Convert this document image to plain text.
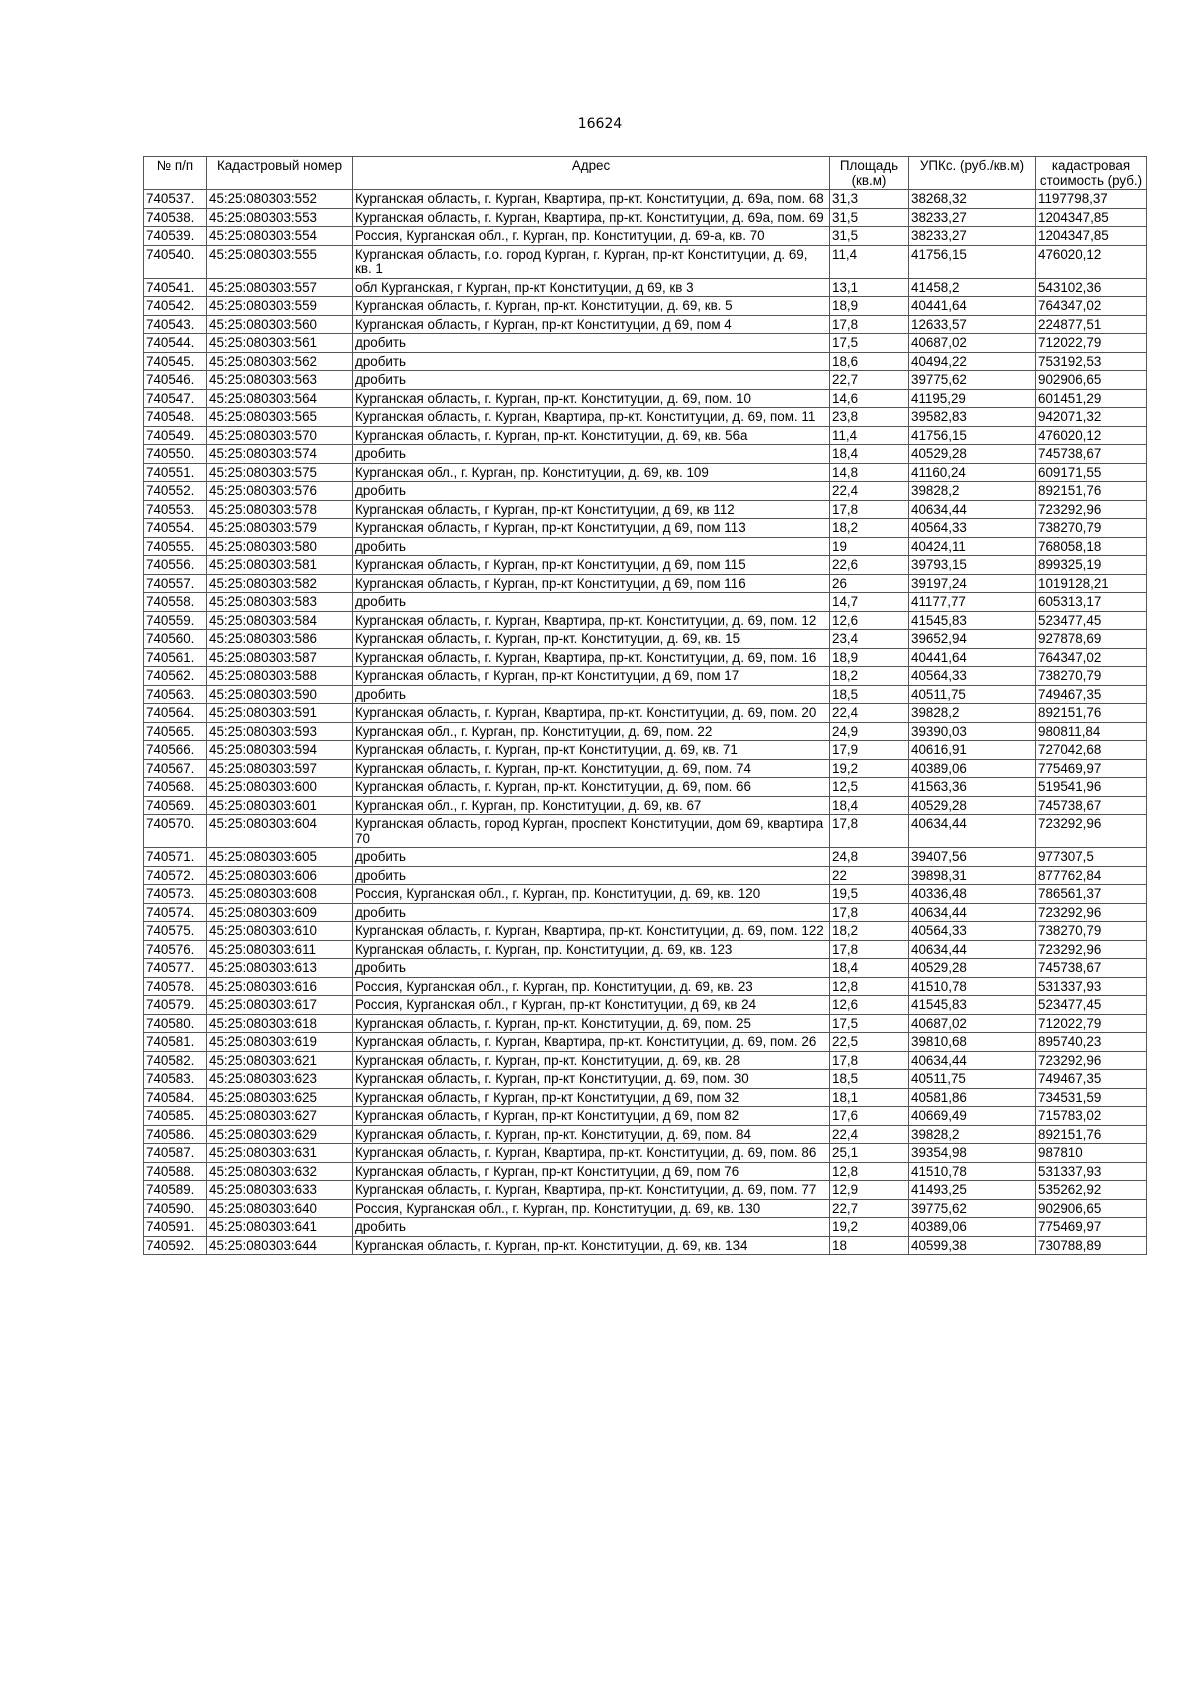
16624
№ п/п	Кадастровый номер	Адрес	Площадь (кв.м)	УПКс. (руб./кв.м)	кадастровая стоимость (руб.)
740537.	45:25:080303:552	Курганская область, г. Курган, Квартира, пр-кт. Конституции, д. 69а, пом. 68	31,3	38268,32	1197798,37
740538.	45:25:080303:553	Курганская область, г. Курган, Квартира, пр-кт. Конституции, д. 69а, пом. 69	31,5	38233,27	1204347,85
740539.	45:25:080303:554	Россия, Курганская обл., г. Курган, пр. Конституции, д. 69-а, кв. 70	31,5	38233,27	1204347,85
740540.	45:25:080303:555	Курганская область, г.о. город Курган, г. Курган, пр-кт Конституции, д. 69, кв. 1	11,4	41756,15	476020,12
740541.	45:25:080303:557	обл Курганская, г Курган, пр-кт Конституции, д 69, кв 3	13,1	41458,2	543102,36
740542.	45:25:080303:559	Курганская область, г. Курган, пр-кт. Конституции, д. 69, кв. 5	18,9	40441,64	764347,02
740543.	45:25:080303:560	Курганская область, г Курган, пр-кт Конституции, д 69, пом 4	17,8	12633,57	224877,51
740544.	45:25:080303:561	дробить	17,5	40687,02	712022,79
740545.	45:25:080303:562	дробить	18,6	40494,22	753192,53
740546.	45:25:080303:563	дробить	22,7	39775,62	902906,65
740547.	45:25:080303:564	Курганская область, г. Курган, пр-кт. Конституции, д. 69, пом. 10	14,6	41195,29	601451,29
740548.	45:25:080303:565	Курганская область, г. Курган, Квартира, пр-кт. Конституции, д. 69, пом. 11	23,8	39582,83	942071,32
740549.	45:25:080303:570	Курганская область, г. Курган, пр-кт. Конституции, д. 69, кв. 56а	11,4	41756,15	476020,12
740550.	45:25:080303:574	дробить	18,4	40529,28	745738,67
740551.	45:25:080303:575	Курганская обл., г. Курган, пр. Конституции, д. 69, кв. 109	14,8	41160,24	609171,55
740552.	45:25:080303:576	дробить	22,4	39828,2	892151,76
740553.	45:25:080303:578	Курганская область, г Курган, пр-кт Конституции, д 69, кв 112	17,8	40634,44	723292,96
740554.	45:25:080303:579	Курганская область, г Курган, пр-кт Конституции, д 69, пом 113	18,2	40564,33	738270,79
740555.	45:25:080303:580	дробить	19	40424,11	768058,18
740556.	45:25:080303:581	Курганская область, г Курган, пр-кт Конституции, д 69, пом 115	22,6	39793,15	899325,19
740557.	45:25:080303:582	Курганская область, г Курган, пр-кт Конституции, д 69, пом 116	26	39197,24	1019128,21
740558.	45:25:080303:583	дробить	14,7	41177,77	605313,17
740559.	45:25:080303:584	Курганская область, г. Курган, Квартира, пр-кт. Конституции, д. 69, пом. 12	12,6	41545,83	523477,45
740560.	45:25:080303:586	Курганская область, г. Курган, пр-кт. Конституции, д. 69, кв. 15	23,4	39652,94	927878,69
740561.	45:25:080303:587	Курганская область, г. Курган, Квартира, пр-кт. Конституции, д. 69, пом. 16	18,9	40441,64	764347,02
740562.	45:25:080303:588	Курганская область, г Курган, пр-кт Конституции, д 69, пом 17	18,2	40564,33	738270,79
740563.	45:25:080303:590	дробить	18,5	40511,75	749467,35
740564.	45:25:080303:591	Курганская область, г. Курган, Квартира, пр-кт. Конституции, д. 69, пом. 20	22,4	39828,2	892151,76
740565.	45:25:080303:593	Курганская обл., г. Курган, пр. Конституции, д. 69, пом. 22	24,9	39390,03	980811,84
740566.	45:25:080303:594	Курганская область, г. Курган, пр-кт Конституции, д. 69, кв. 71	17,9	40616,91	727042,68
740567.	45:25:080303:597	Курганская область, г. Курган, пр-кт. Конституции, д. 69, пом. 74	19,2	40389,06	775469,97
740568.	45:25:080303:600	Курганская область, г. Курган, пр-кт. Конституции, д. 69, пом. 66	12,5	41563,36	519541,96
740569.	45:25:080303:601	Курганская обл., г. Курган, пр. Конституции, д. 69, кв. 67	18,4	40529,28	745738,67
740570.	45:25:080303:604	Курганская область, город Курган, проспект Конституции, дом 69, квартира 70	17,8	40634,44	723292,96
740571.	45:25:080303:605	дробить	24,8	39407,56	977307,5
740572.	45:25:080303:606	дробить	22	39898,31	877762,84
740573.	45:25:080303:608	Россия, Курганская обл., г. Курган, пр. Конституции, д. 69, кв. 120	19,5	40336,48	786561,37
740574.	45:25:080303:609	дробить	17,8	40634,44	723292,96
740575.	45:25:080303:610	Курганская область, г. Курган, Квартира, пр-кт. Конституции, д. 69, пом. 122	18,2	40564,33	738270,79
740576.	45:25:080303:611	Курганская область, г. Курган, пр. Конституции, д. 69, кв. 123	17,8	40634,44	723292,96
740577.	45:25:080303:613	дробить	18,4	40529,28	745738,67
740578.	45:25:080303:616	Россия, Курганская обл., г. Курган, пр. Конституции, д. 69, кв. 23	12,8	41510,78	531337,93
740579.	45:25:080303:617	Россия, Курганская обл., г Курган, пр-кт Конституции, д 69, кв 24	12,6	41545,83	523477,45
740580.	45:25:080303:618	Курганская область, г. Курган, пр-кт. Конституции, д. 69, пом. 25	17,5	40687,02	712022,79
740581.	45:25:080303:619	Курганская область, г. Курган, Квартира, пр-кт. Конституции, д. 69, пом. 26	22,5	39810,68	895740,23
740582.	45:25:080303:621	Курганская область, г. Курган, пр-кт. Конституции, д. 69, кв. 28	17,8	40634,44	723292,96
740583.	45:25:080303:623	Курганская область, г. Курган, пр-кт Конституции, д. 69, пом. 30	18,5	40511,75	749467,35
740584.	45:25:080303:625	Курганская область, г Курган, пр-кт Конституции, д 69, пом 32	18,1	40581,86	734531,59
740585.	45:25:080303:627	Курганская область, г Курган, пр-кт Конституции, д 69, пом 82	17,6	40669,49	715783,02
740586.	45:25:080303:629	Курганская область, г. Курган, пр-кт. Конституции, д. 69, пом. 84	22,4	39828,2	892151,76
740587.	45:25:080303:631	Курганская область, г. Курган, Квартира, пр-кт. Конституции, д. 69, пом. 86	25,1	39354,98	987810
740588.	45:25:080303:632	Курганская область, г Курган, пр-кт Конституции, д 69, пом 76	12,8	41510,78	531337,93
740589.	45:25:080303:633	Курганская область, г. Курган, Квартира, пр-кт. Конституции, д. 69, пом. 77	12,9	41493,25	535262,92
740590.	45:25:080303:640	Россия, Курганская обл., г. Курган, пр. Конституции, д. 69, кв. 130	22,7	39775,62	902906,65
740591.	45:25:080303:641	дробить	19,2	40389,06	775469,97
740592.	45:25:080303:644	Курганская область, г. Курган, пр-кт. Конституции, д. 69, кв. 134	18	40599,38	730788,89
